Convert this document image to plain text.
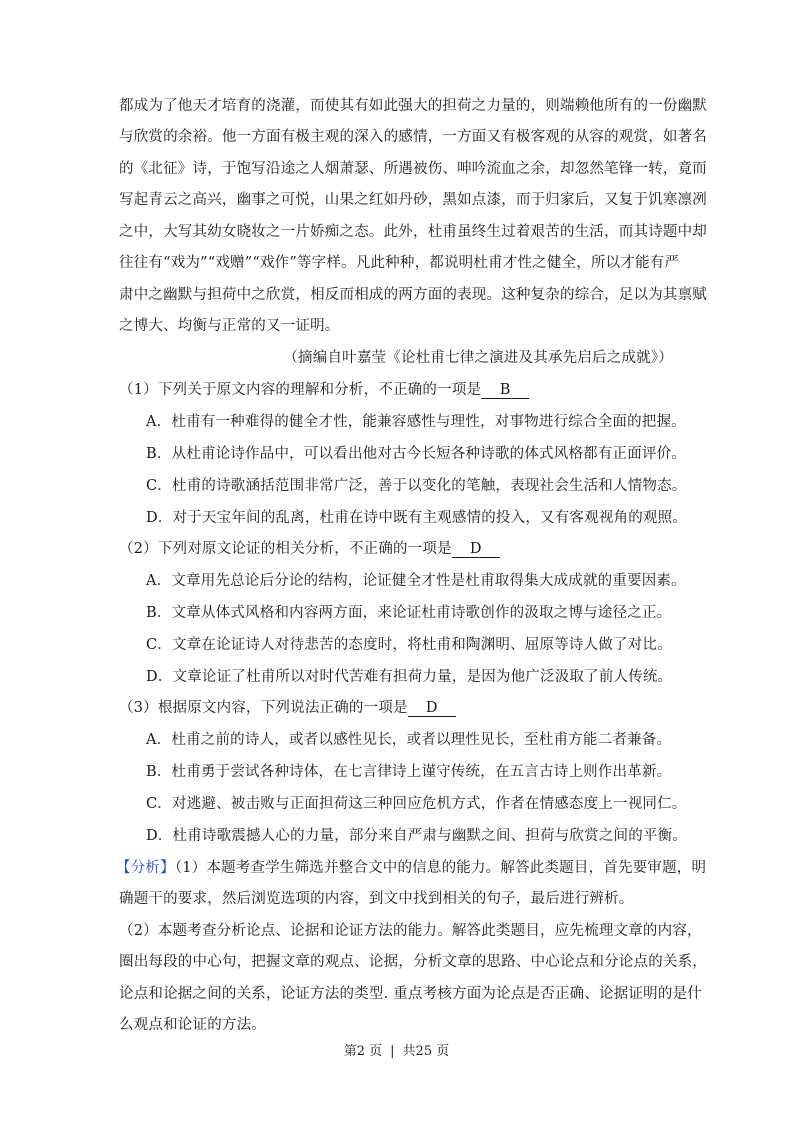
都成为了他天才培育的浇灌，而使其有如此强大的担荷之力量的，则端赖他所有的一份幽默
与欣赏的余裕。他一方面有极主观的深入的感情，一方面又有极客观的从容的观赏，如著名
的《北征》诗，于饱写沿途之人烟萧瑟、所遇被伤、呻吟流血之余，却忽然笔锋一转，竟而
写起青云之高兴，幽事之可悦，山果之红如丹砂，黑如点漆，而于归家后，又复于饥寒凛冽
之中，大写其幼女晓妆之一片娇痴之态。此外，杜甫虽终生过着艰苦的生活，而其诗题中却
往往有“戏为”“戏赠”“戏作”等字样。凡此种种，都说明杜甫才性之健全，所以才能有严
肃中之幽默与担荷中之欣赏，相反而相成的两方面的表现。这种复杂的综合，足以为其禀赋
之博大、均衡与正常的又一证明。
（摘编自叶嘉莹《论杜甫七律之演进及其承先启后之成就》）
（1）下列关于原文内容的理解和分析，不正确的一项是 B
A．杜甫有一种难得的健全才性，能兼容感性与理性，对事物进行综合全面的把握。
B．从杜甫论诗作品中，可以看出他对古今长短各种诗歌的体式风格都有正面评价。
C．杜甫的诗歌涵括范围非常广泛，善于以变化的笔触，表现社会生活和人情物态。
D．对于天宝年间的乱离，杜甫在诗中既有主观感情的投入，又有客观视角的观照。
（2）下列对原文论证的相关分析，不正确的一项是 D
A．文章用先总论后分论的结构，论证健全才性是杜甫取得集大成成就的重要因素。
B．文章从体式风格和内容两方面，来论证杜甫诗歌创作的汲取之博与途径之正。
C．文章在论证诗人对待悲苦的态度时，将杜甫和陶渊明、屈原等诗人做了对比。
D．文章论证了杜甫所以对时代苦难有担荷力量，是因为他广泛汲取了前人传统。
（3）根据原文内容，下列说法正确的一项是 D
A．杜甫之前的诗人，或者以感性见长，或者以理性见长，至杜甫方能二者兼备。
B．杜甫勇于尝试各种诗体，在七言律诗上谨守传统，在五言古诗上则作出革新。
C．对逃避、被击败与正面担荷这三种回应危机方式，作者在情感态度上一视同仁。
D．杜甫诗歌震撼人心的力量，部分来自严肃与幽默之间、担荷与欣赏之间的平衡。
【分析】（1）本题考查学生筛选并整合文中的信息的能力。解答此类题目，首先要审题，明
确题干的要求，然后浏览选项的内容，到文中找到相关的句子，最后进行辨析。
（2）本题考查分析论点、论据和论证方法的能力。解答此类题目，应先梳理文章的内容，
圈出每段的中心句，把握文章的观点、论据，分析文章的思路、中心论点和分论点的关系，
论点和论据之间的关系，论证方法的类型. 重点考核方面为论点是否正确、论据证明的是什
么观点和论证的方法。
第2 页 | 共25 页
